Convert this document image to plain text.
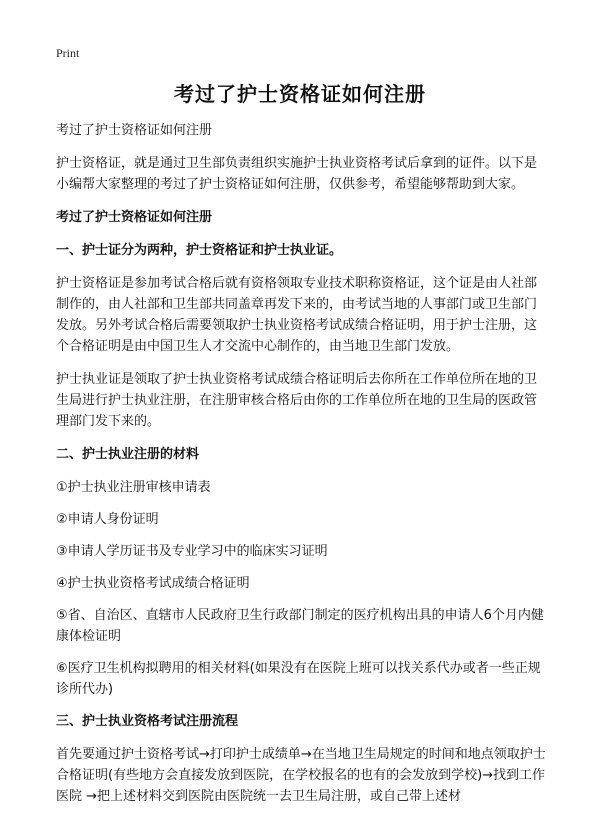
Print
考过了护士资格证如何注册

考过了护士资格证如何注册

护士资格证，就是通过卫生部负责组织实施护士执业资格考试后拿到的证件。以下是小编帮大家整理的考过了护士资格证如何注册，仅供参考，希望能够帮助到大家。

考过了护士资格证如何注册

一、护士证分为两种，护士资格证和护士执业证。

护士资格证是参加考试合格后就有资格领取专业技术职称资格证，这个证是由人社部制作的，由人社部和卫生部共同盖章再发下来的，由考试当地的人事部门或卫生部门发放。另外考试合格后需要领取护士执业资格考试成绩合格证明，用于护士注册，这个合格证明是由中国卫生人才交流中心制作的，由当地卫生部门发放。

护士执业证是领取了护士执业资格考试成绩合格证明后去你所在工作单位所在地的卫生局进行护士执业注册，在注册审核合格后由你的工作单位所在地的卫生局的医政管理部门发下来的。

二、护士执业注册的材料

①护士执业注册审核申请表

②申请人身份证明

③申请人学历证书及专业学习中的临床实习证明

④护士执业资格考试成绩合格证明

⑤省、自治区、直辖市人民政府卫生行政部门制定的医疗机构出具的申请人6个月内健康体检证明

⑥医疗卫生机构拟聘用的相关材料(如果没有在医院上班可以找关系代办或者一些正规诊所代办)

三、护士执业资格考试注册流程

首先要通过护士资格考试→打印护士成绩单→在当地卫生局规定的时间和地点领取护士合格证明(有些地方会直接发放到医院，在学校报名的也有的会发放到学校)→找到工作医院 →把上述材料交到医院由医院统一去卫生局注册，或自己带上述材
